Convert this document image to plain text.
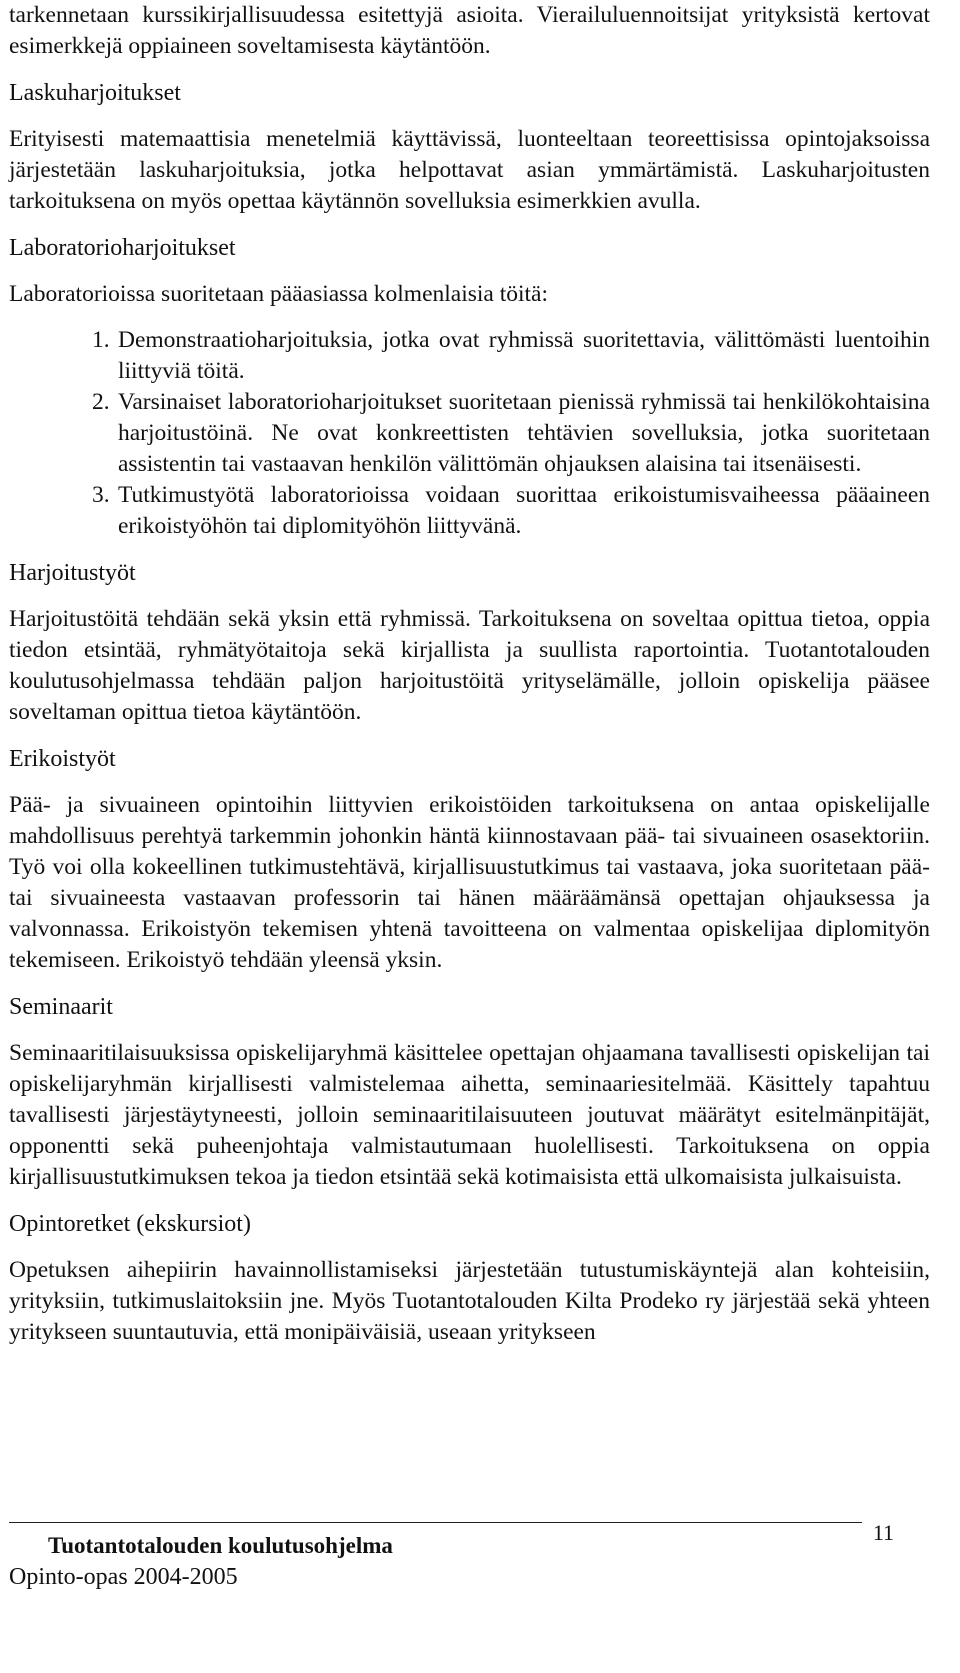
tarkennetaan kurssikirjallisuudessa esitettyjä asioita. Vierailuluennoitsijat yrityksistä kertovat esimerkkejä oppiaineen soveltamisesta käytäntöön.

Laskuharjoitukset

Erityisesti matemaattisia menetelmiä käyttävissä, luonteeltaan teoreettisissa opintojaksoissa järjestetään laskuharjoituksia, jotka helpottavat asian ymmärtämistä. Laskuharjoitusten tarkoituksena on myös opettaa käytännön sovelluksia esimerkkien avulla.

Laboratorioharjoitukset

Laboratorioissa suoritetaan pääasiassa kolmenlaisia töitä:

1. Demonstraatioharjoituksia, jotka ovat ryhmissä suoritettavia, välittömästi luentoihin liittyviä töitä.
2. Varsinaiset laboratorioharjoitukset suoritetaan pienissä ryhmissä tai henkilökohtaisina harjoitustöinä. Ne ovat konkreettisten tehtävien sovelluksia, jotka suoritetaan assistentin tai vastaavan henkilön välittömän ohjauksen alaisina tai itsenäisesti.
3. Tutkimustyötä laboratorioissa voidaan suorittaa erikoistumisvaiheessa pääaineen erikoistyöhön tai diplomityöhön liittyvänä.
Harjoitustyöt

Harjoitustöitä tehdään sekä yksin että ryhmissä. Tarkoituksena on soveltaa opittua tietoa, oppia tiedon etsintää, ryhmätyötaitoja sekä kirjallista ja suullista raportointia. Tuotantotalouden koulutusohjelmassa tehdään paljon harjoitustöitä yrityselämälle, jolloin opiskelija pääsee soveltaman opittua tietoa käytäntöön.

Erikoistyöt

Pää- ja sivuaineen opintoihin liittyvien erikoistöiden tarkoituksena on antaa opiskelijalle mahdollisuus perehtyä tarkemmin johonkin häntä kiinnostavaan pää- tai sivuaineen osasektoriin. Työ voi olla kokeellinen tutkimustehtävä, kirjallisuustutkimus tai vastaava, joka suoritetaan pää- tai sivuaineesta vastaavan professorin tai hänen määräämänsä opettajan ohjauksessa ja valvonnassa. Erikoistyön tekemisen yhtenä tavoitteena on valmentaa opiskelijaa diplomityön tekemiseen. Erikoistyö tehdään yleensä yksin.

Seminaarit

Seminaaritilaisuuksissa opiskelijaryhmä käsittelee opettajan ohjaamana tavallisesti opiskelijan tai opiskelijaryhmän kirjallisesti valmistelemaa aihetta, seminaariesitelmää. Käsittely tapahtuu tavallisesti järjestäytyneesti, jolloin seminaaritilaisuuteen joutuvat määrätyt esitelmänpitäjät, opponentti sekä puheenjohtaja valmistautumaan huolellisesti. Tarkoituksena on oppia kirjallisuustutkimuksen tekoa ja tiedon etsintää sekä kotimaisista että ulkomaisista julkaisuista.

Opintoretket (ekskursiot)

Opetuksen aihepiirin havainnollistamiseksi järjestetään tutustumiskäyntejä alan kohteisiin, yrityksiin, tutkimuslaitoksiin jne. Myös Tuotantotalouden Kilta Prodeko ry järjestää sekä yhteen yritykseen suuntautuvia, että monipäiväisiä, useaan yritykseen

Tuotantotalouden koulutusohjelma
11
Opinto-opas 2004-2005
